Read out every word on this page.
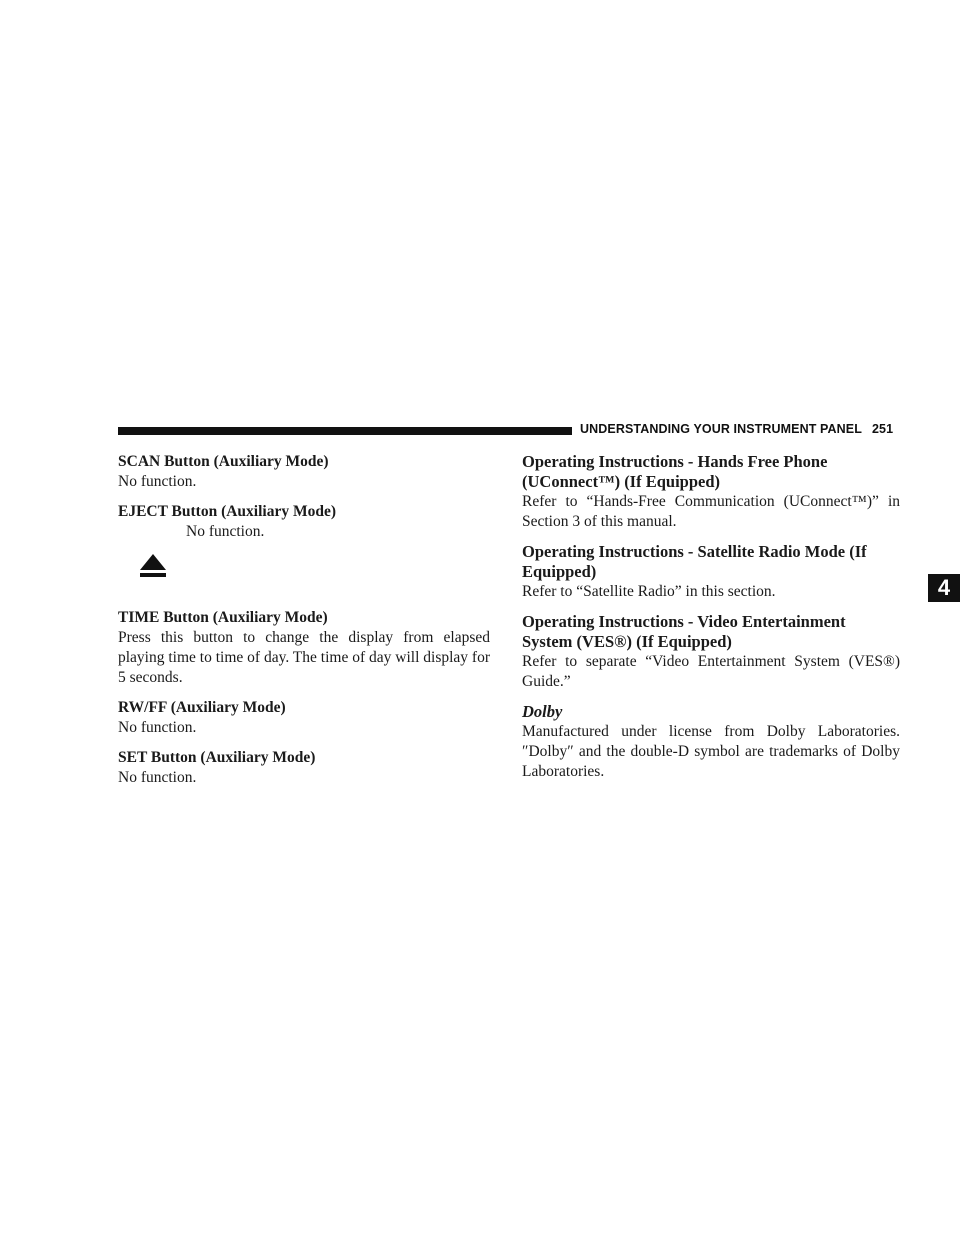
UNDERSTANDING YOUR INSTRUMENT PANEL 251
4
SCAN Button (Auxiliary Mode)

No function.

EJECT Button (Auxiliary Mode)
No function.
TIME Button (Auxiliary Mode)

Press this button to change the display from elapsed playing time to time of day. The time of day will display for 5 seconds.

RW/FF (Auxiliary Mode)

No function.

SET Button (Auxiliary Mode)

No function.

Operating Instructions - Hands Free Phone (UConnect™) (If Equipped)

Refer to “Hands-Free Communication (UConnect™)” in Section 3 of this manual.

Operating Instructions - Satellite Radio Mode (If Equipped)

Refer to “Satellite Radio” in this section.

Operating Instructions - Video Entertainment System (VES®) (If Equipped)

Refer to separate “Video Entertainment System (VES®) Guide.”

Dolby

Manufactured under license from Dolby Laboratories. ″Dolby″ and the double-D symbol are trademarks of Dolby Laboratories.
